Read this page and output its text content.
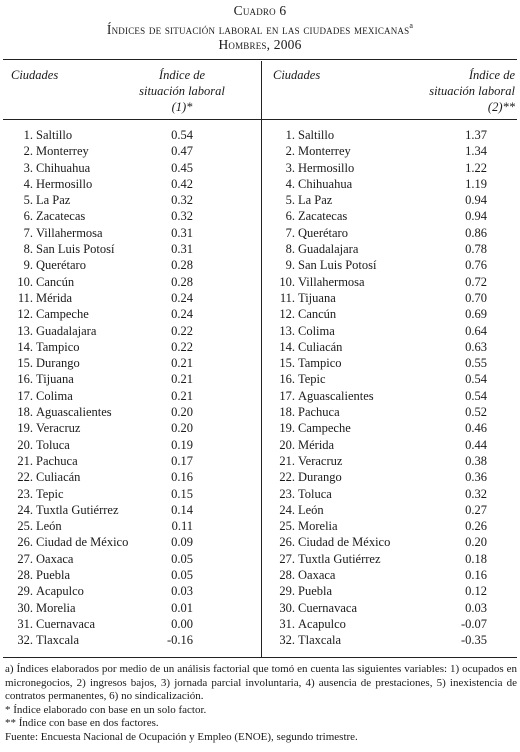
Cuadro 6
Índices de situación laboral en las ciudades mexicanas$^a$
Hombres, 2006
Ciudades	Índice de
situación laboral
(1)*
1. Saltillo	0.54
2. Monterrey	0.47
3. Chihuahua	0.45
4. Hermosillo	0.42
5. La Paz	0.32
6. Zacatecas	0.32
7. Villahermosa	0.31
8. San Luis Potosí	0.31
9. Querétaro	0.28
10. Cancún	0.28
11. Mérida	0.24
12. Campeche	0.24
13. Guadalajara	0.22
14. Tampico	0.22
15. Durango	0.21
16. Tijuana	0.21
17. Colima	0.21
18. Aguascalientes	0.20
19. Veracruz	0.20
20. Toluca	0.19
21. Pachuca	0.17
22. Culiacán	0.16
23. Tepic	0.15
24. Tuxtla Gutiérrez	0.14
25. León	0.11
26. Ciudad de México	0.09
27. Oaxaca	0.05
28. Puebla	0.05
29. Acapulco	0.03
30. Morelia	0.01
31. Cuernavaca	0.00
32. Tlaxcala	-0.16
Ciudades	Índice de
situación laboral
(2)**
1. Saltillo	1.37
2. Monterrey	1.34
3. Hermosillo	1.22
4. Chihuahua	1.19
5. La Paz	0.94
6. Zacatecas	0.94
7. Querétaro	0.86
8. Guadalajara	0.78
9. San Luis Potosí	0.76
10. Villahermosa	0.72
11. Tijuana	0.70
12. Cancún	0.69
13. Colima	0.64
14. Culiacán	0.63
15. Tampico	0.55
16. Tepic	0.54
17. Aguascalientes	0.54
18. Pachuca	0.52
19. Campeche	0.46
20. Mérida	0.44
21. Veracruz	0.38
22. Durango	0.36
23. Toluca	0.32
24. León	0.27
25. Morelia	0.26
26. Ciudad de México	0.20
27. Tuxtla Gutiérrez	0.18
28. Oaxaca	0.16
29. Puebla	0.12
30. Cuernavaca	0.03
31. Acapulco	-0.07
32. Tlaxcala	-0.35
a) Índices elaborados por medio de un análisis factorial que tomó en cuenta las siguientes variables: 1) ocupados en micronegocios, 2) ingresos bajos, 3) jornada parcial involuntaria, 4) ausencia de prestaciones, 5) inexistencia de contratos permanentes, 6) no sindicalización.
* Índice elaborado con base en un solo factor.
** Índice con base en dos factores.
Fuente: Encuesta Nacional de Ocupación y Empleo (ENOE), segundo trimestre.
